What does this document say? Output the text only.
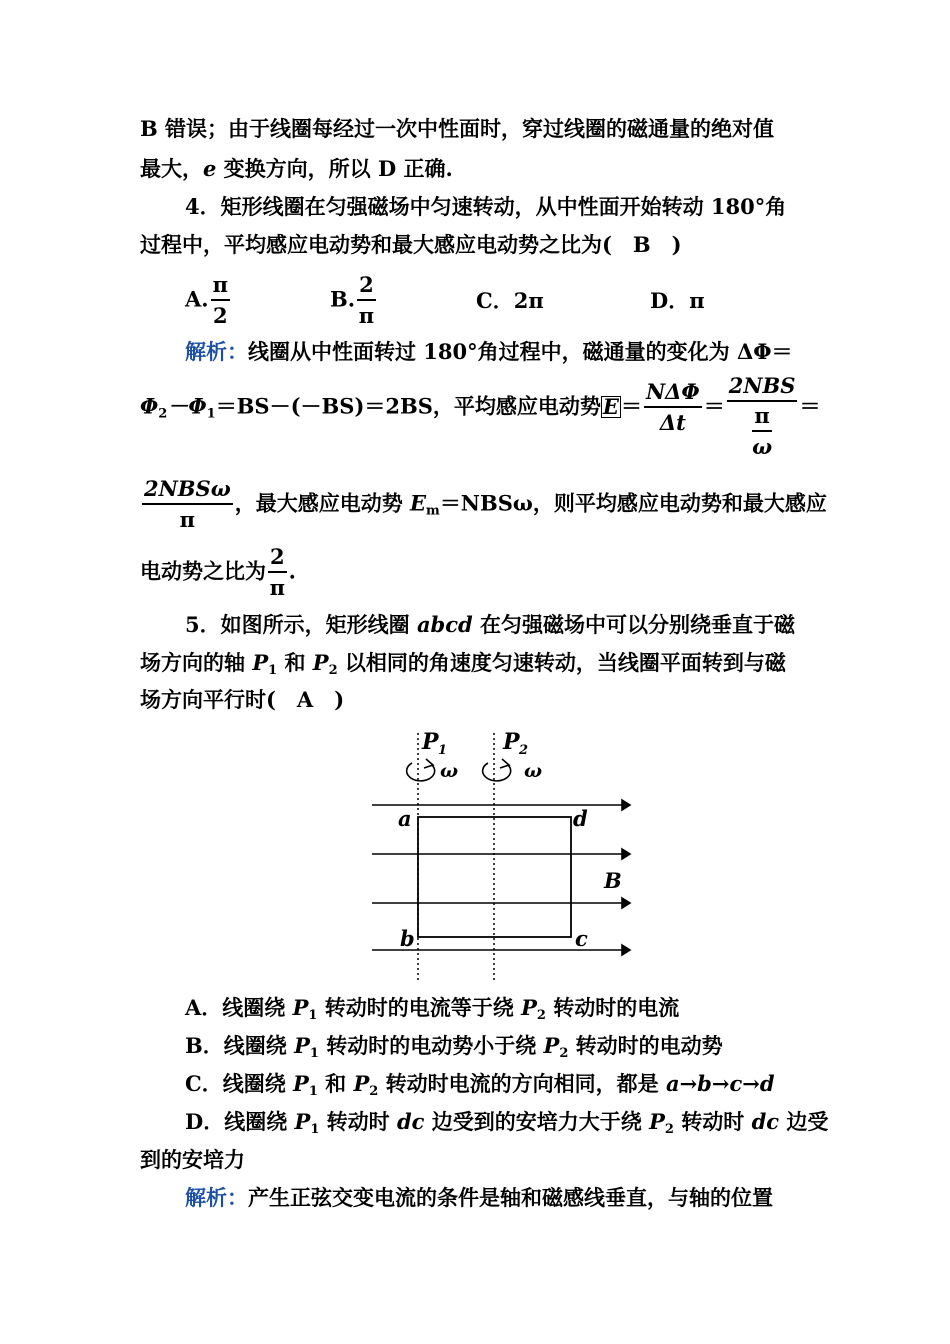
B 错误；由于线圈每经过一次中性面时，穿过线圈的磁通量的绝对值
最大，e 变换方向，所以 D 正确.
4．矩形线圈在匀强磁场中匀速转动，从中性面开始转动 180°角
过程中，平均感应电动势和最大感应电动势之比为(　B　)
A. $\frac{\pi}{2}$	B. $\frac{2}{\pi}$	C．2π	D．π
解析：线圈从中性面转过 180°角过程中，磁通量的变化为 ΔΦ＝
$\Phi_2-\Phi_1=BS-(-BS)=2BS$，平均感应电动势$E= \frac{\text{NΔΦ}}{\Delta t} = \frac{\text{2NBS}}{\frac{\pi}{\omega}}$ ＝
$\frac{\text{2NBSω}}{\pi}$ ，最大感应电动势 $E_m=NBS\omega$，则平均感应电动势和最大感应
电动势之比为 $\frac{2}{\pi}$ .
5．如图所示，矩形线圈 abcd 在匀强磁场中可以分别绕垂直于磁
场方向的轴 $P_1$ 和 $P_2$ 以相同的角速度匀速转动，当线圈平面转到与磁
场方向平行时(　A　)
P 1	P 2
ω	ω
a	d
b	c
B
A．线圈绕 $P_1$ 转动时的电流等于绕 $P_2$ 转动时的电流
B．线圈绕 $P_1$ 转动时的电动势小于绕 $P_2$ 转动时的电动势
C．线圈绕 $P_1$ 和 $P_2$ 转动时电流的方向相同，都是 a→b→c→d
D．线圈绕 $P_1$ 转动时 dc 边受到的安培力大于绕 $P_2$ 转动时 dc 边受
到的安培力
解析：产生正弦交变电流的条件是轴和磁感线垂直，与轴的位置
